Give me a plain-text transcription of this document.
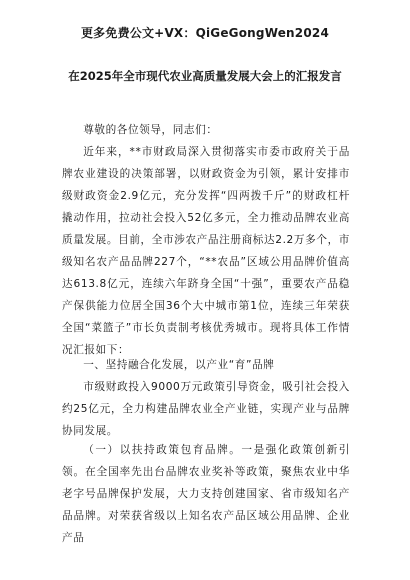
更多免费公文+VX：QiGeGongWen2024
在2025年全市现代农业高质量发展大会上的汇报发言

尊敬的各位领导，同志们：

近年来，**市财政局深入贯彻落实市委市政府关于品牌农业建设的决策部署，以财政资金为引领，累计安排市级财政资金2.9亿元，充分发挥“四两拨千斤”的财政杠杆撬动作用，拉动社会投入52亿多元，全力推动品牌农业高质量发展。目前，全市涉农产品注册商标达2.2万多个，市级知名农产品品牌227个，“**农品”区域公用品牌价值高达613.8亿元，连续六年跻身全国“十强”，重要农产品稳产保供能力位居全国36个大中城市第1位，连续三年荣获全国“菜篮子”市长负责制考核优秀城市。现将具体工作情况汇报如下：

一、坚持融合化发展，以产业“育”品牌

市级财政投入9000万元政策引导资金，吸引社会投入约25亿元，全力构建品牌农业全产业链，实现产业与品牌协同发展。

（一）以扶持政策包育品牌。一是强化政策创新引领。在全国率先出台品牌农业奖补等政策，聚焦农业中华老字号品牌保护发展，大力支持创建国家、省市级知名产品品牌。对荣获省级以上知名农产品区域公用品牌、企业产品
